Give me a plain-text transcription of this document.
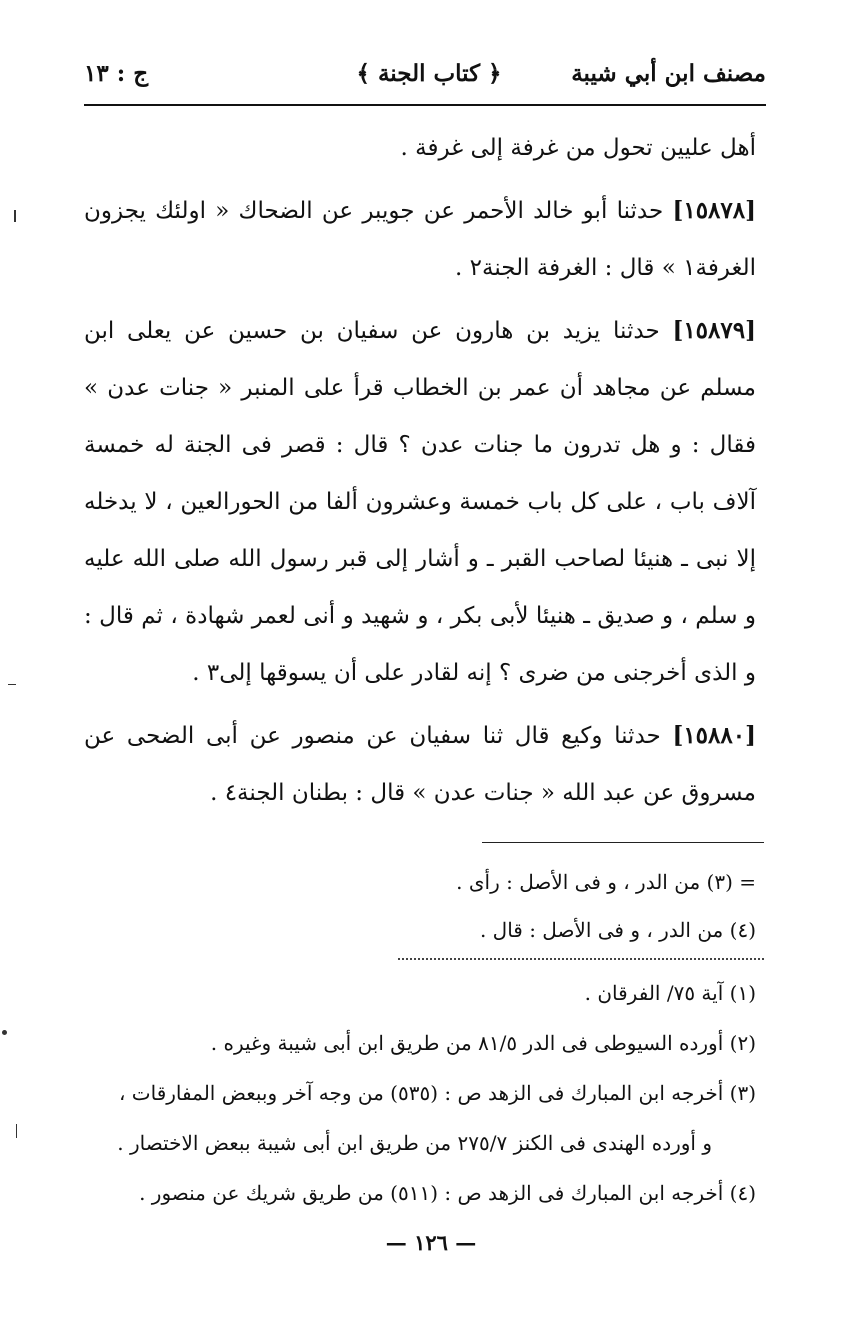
مصنف ابن أبي شيبة
﴿ كتاب الجنة ﴾
ج : ١٣

أهل عليين تحول من غرفة إلى غرفة .

[١٥٨٧٨] حدثنا أبو خالد الأحمر عن جويبر عن الضحاك « اولئك يجزون الغرفة١ » قال : الغرفة الجنة٢ .

[١٥٨٧٩] حدثنا يزيد بن هارون عن سفيان بن حسين عن يعلى ابن مسلم عن مجاهد أن عمر بن الخطاب قرأ على المنبر « جنات عدن » فقال : و هل تدرون ما جنات عدن ؟ قال : قصر فى الجنة له خمسة آلاف باب ، على كل باب خمسة وعشرون ألفا من الحورالعين ، لا يدخله إلا نبى ـ هنيئا لصاحب القبر ـ و أشار إلى قبر رسول الله صلى الله عليه و سلم ، و صديق ـ هنيئا لأبى بكر ، و شهيد و أنى لعمر شهادة ، ثم قال : و الذى أخرجنى من ضرى ؟ إنه لقادر على أن يسوقها إلى٣ .

[١٥٨٨٠] حدثنا وكيع قال ثنا سفيان عن منصور عن أبى الضحى عن مسروق عن عبد الله « جنات عدن » قال : بطنان الجنة٤ .

= (٣) من الدر ، و فى الأصل : رأى .

(٤) من الدر ، و فى الأصل : قال .

(١) آية ٧٥/ الفرقان .

(٢) أورده السيوطى فى الدر ٨١/٥ من طريق ابن أبى شيبة وغيره .

(٣) أخرجه ابن المبارك فى الزهد ص : (٥٣٥) من وجه آخر وببعض المفارقات ،

و أورده الهندى فى الكنز ٢٧٥/٧ من طريق ابن أبى شيبة ببعض الاختصار .

(٤) أخرجه ابن المبارك فى الزهد ص : (٥١١) من طريق شريك عن منصور .

— ١٢٦ —
